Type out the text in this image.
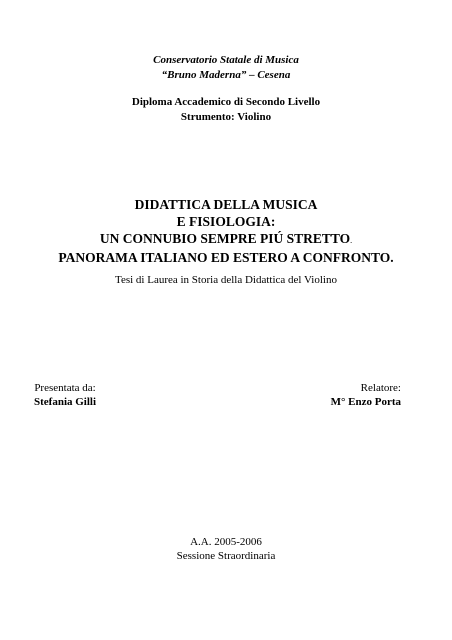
Conservatorio Statale di Musica
“Bruno Maderna” – Cesena
Diploma Accademico di Secondo Livello
Strumento: Violino
DIDATTICA DELLA MUSICA
E FISIOLOGIA:
UN CONNUBIO SEMPRE PIÚ STRETTO.
PANORAMA ITALIANO ED ESTERO A CONFRONTO.
Tesi di Laurea in Storia della Didattica del Violino
Presentata da:
Stefania Gilli
Relatore:
M° Enzo Porta
A.A. 2005-2006
Sessione Straordinaria
